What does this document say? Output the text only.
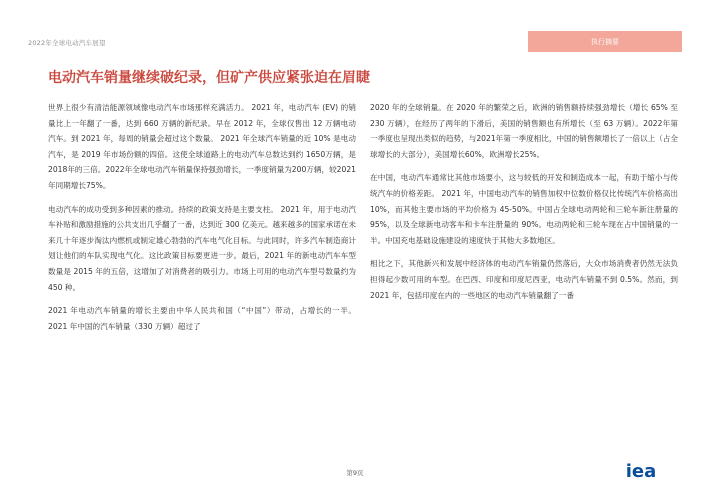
2022年全球电动汽车展望	执行摘要
电动汽车销量继续破纪录，但矿产供应紧张迫在眉睫

世界上很少有清洁能源领域像电动汽车市场那样充满活力。 2021 年，电动汽车 (EV) 的销量比上一年翻了一番，达到 660 万辆的新纪录。早在 2012 年，全球仅售出 12 万辆电动汽车。到 2021 年，每周的销量会超过这个数量。 2021 年全球汽车销量的近 10% 是电动汽车，是 2019 年市场份额的四倍。这使全球道路上的电动汽车总数达到约 1650万辆，是2018年的三倍。2022年全球电动汽车销量保持强劲增长，一季度销量为200万辆，较2021年同期增长75%。

电动汽车的成功受到多种因素的推动。持续的政策支持是主要支柱。 2021 年，用于电动汽车补贴和激励措施的公共支出几乎翻了一番，达到近 300 亿美元。越来越多的国家承诺在未来几十年逐步淘汰内燃机或制定雄心勃勃的汽车电气化目标。与此同时，许多汽车制造商计划让他们的车队实现电气化。这比政策目标要更进一步。最后，2021 年的新电动汽车车型数量是 2015 年的五倍，这增加了对消费者的吸引力。市场上可用的电动汽车型号数量约为 450 种。

2021 年电动汽车销量的增长主要由中华人民共和国（“中国”）带动，占增长的一半。 2021 年中国的汽车销量（330 万辆）超过了

2020 年的全球销量。在 2020 年的繁荣之后，欧洲的销售额持续强劲增长（增长 65% 至 230 万辆），在经历了两年的下滑后，美国的销售额也有所增长（至 63 万辆）。2022年第一季度也呈现出类似的趋势，与2021年第一季度相比，中国的销售额增长了一倍以上（占全球增长的大部分），美国增长60%，欧洲增长25%。

在中国，电动汽车通常比其他市场要小，这与较低的开发和制造成本一起，有助于缩小与传统汽车的价格差距。 2021 年，中国电动汽车的销售加权中位数价格仅比传统汽车价格高出 10%，而其他主要市场的平均价格为 45-50%。中国占全球电动两轮和三轮车新注册量的 95%，以及全球新电动客车和卡车注册量的 90%。电动两轮和三轮车现在占中国销量的一半。中国充电基础设施建设的速度快于其他大多数地区。

相比之下，其他新兴和发展中经济体的电动汽车销量仍然落后，大众市场消费者仍然无法负担得起少数可用的车型。在巴西、印度和印度尼西亚，电动汽车销量不到 0.5%。然而，到 2021 年，包括印度在内的一些地区的电动汽车销量翻了一番

第9页	iea
